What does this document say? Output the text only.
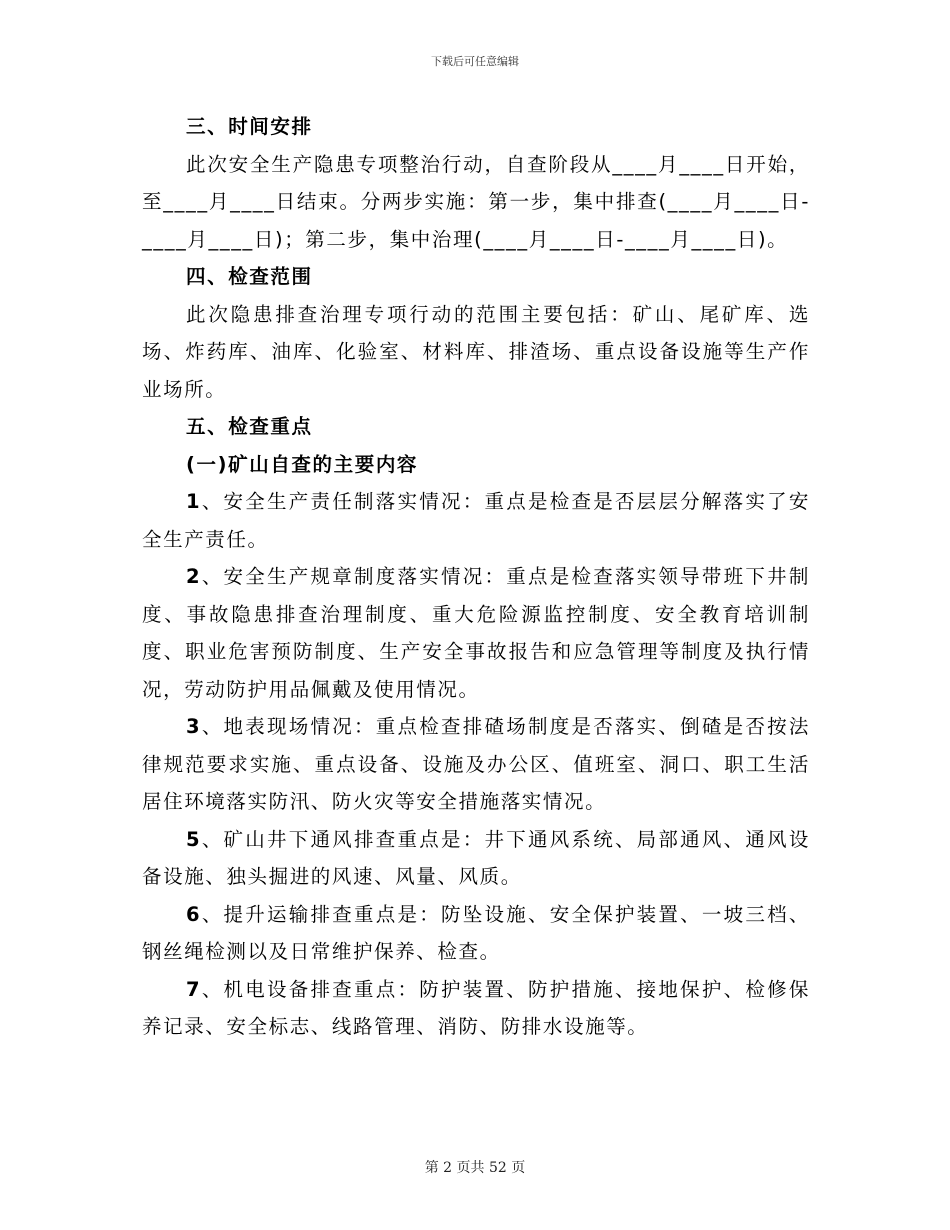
下载后可任意编辑

三、时间安排

此次安全生产隐患专项整治行动，自查阶段从____月____日开始，至____月____日结束。分两步实施：第一步，集中排查(____月____日-____月____日)；第二步，集中治理(____月____日-____月____日)。

四、检查范围

此次隐患排查治理专项行动的范围主要包括：矿山、尾矿库、选场、炸药库、油库、化验室、材料库、排渣场、重点设备设施等生产作业场所。

五、检查重点

(一)矿山自查的主要内容

1、安全生产责任制落实情况：重点是检查是否层层分解落实了安全生产责任。

2、安全生产规章制度落实情况：重点是检查落实领导带班下井制度、事故隐患排查治理制度、重大危险源监控制度、安全教育培训制度、职业危害预防制度、生产安全事故报告和应急管理等制度及执行情况，劳动防护用品佩戴及使用情况。

3、地表现场情况：重点检查排碴场制度是否落实、倒碴是否按法律规范要求实施、重点设备、设施及办公区、值班室、洞口、职工生活居住环境落实防汛、防火灾等安全措施落实情况。

5、矿山井下通风排查重点是：井下通风系统、局部通风、通风设备设施、独头掘进的风速、风量、风质。

6、提升运输排查重点是：防坠设施、安全保护装置、一坡三档、钢丝绳检测以及日常维护保养、检查。

7、机电设备排查重点：防护装置、防护措施、接地保护、检修保养记录、安全标志、线路管理、消防、防排水设施等。

第 2 页共 52 页
